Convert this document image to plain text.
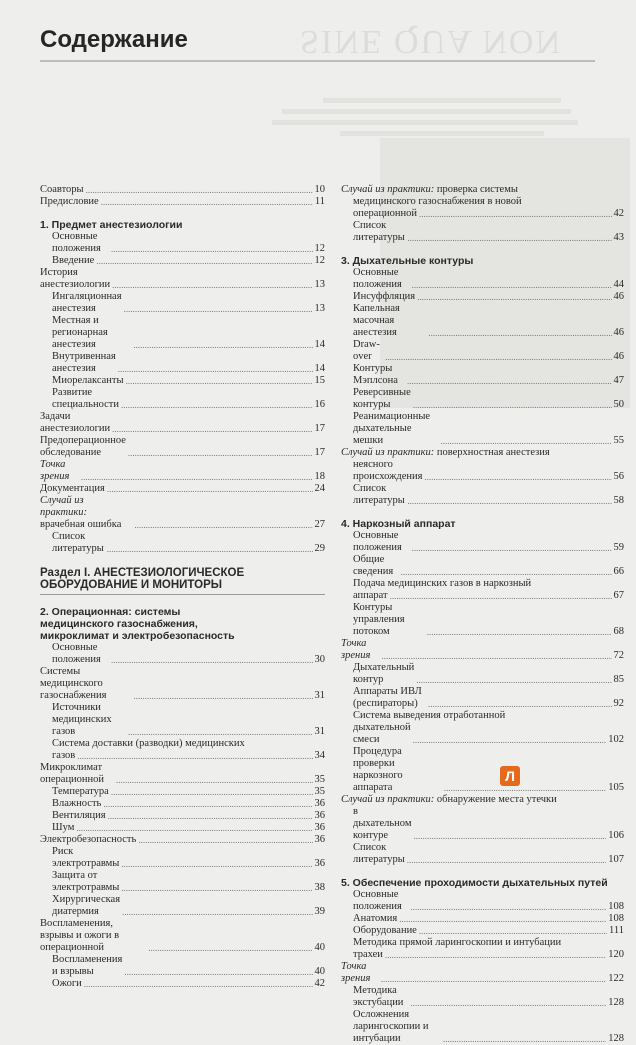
SINE QUA NON
Содержание
Соавторы .....	10
Предисловие .....	11
1. Предмет анестезиологии
Основные положения .....	12
Введение .....	12
История анестезиологии .....	13
Ингаляционная анестезия .....	13
Местная и регионарная анестезия .....	14
Внутривенная анестезия .....	14
Миорелаксанты .....	15
Развитие специальности .....	16
Задачи анестезиологии .....	17
Предоперационное обследование .....	17
Точка зрения .....	18
Документация .....	24
Случай из практики: врачебная ошибка .....	27
Список литературы .....	29
Раздел I. АНЕСТЕЗИОЛОГИЧЕСКОЕ
ОБОРУДОВАНИЕ И МОНИТОРЫ
2. Операционная: системы
медицинского газоснабжения,
микроклимат и электробезопасность
Основные положения .....	30
Системы медицинского газоснабжения .....	31
Источники медицинских газов .....	31
Система доставки (разводки) медицинских
газов .....	34
Микроклимат операционной .....	35
Температура .....	35
Влажность .....	36
Вентиляция .....	36
Шум .....	36
Электробезопасность .....	36
Риск электротравмы .....	36
Защита от электротравмы .....	38
Хирургическая диатермия .....	39
Воспламенения, взрывы и ожоги в операционной .....	40
Воспламенения и взрывы .....	40
Ожоги .....	42
Случай из практики: проверка системы
медицинского газоснабжения в новой
операционной .....	42
Список литературы .....	43
3. Дыхательные контуры
Основные положения .....	44
Инсуффляция .....	46
Капельная масочная анестезия .....	46
Draw-over .....	46
Контуры Мэплсона .....	47
Реверсивные контуры .....	50
Реанимационные дыхательные мешки .....	55
Случай из практики: поверхностная анестезия
неясного происхождения .....	56
Список литературы .....	58
4. Наркозный аппарат
Основные положения .....	59
Общие сведения .....	66
Подача медицинских газов в наркозный
аппарат .....	67
Контуры управления потоком .....	68
Точка зрения .....	72
Дыхательный контур .....	85
Аппараты ИВЛ (респираторы) .....	92
Система выведения отработанной
дыхательной смеси .....	102
Процедура проверки наркозного аппарата .....	105
Случай из практики: обнаружение места утечки
в дыхательном контуре .....	106
Список литературы .....	107
5. Обеспечение проходимости дыхательных путей
Основные положения .....	108
Анатомия .....	108
Оборудование .....	111
Методика прямой ларингоскопии и интубации
трахеи .....	120
Точка зрения .....	122
Методика экстубации .....	128
Осложнения ларингоскопии и интубации .....	128
Л
